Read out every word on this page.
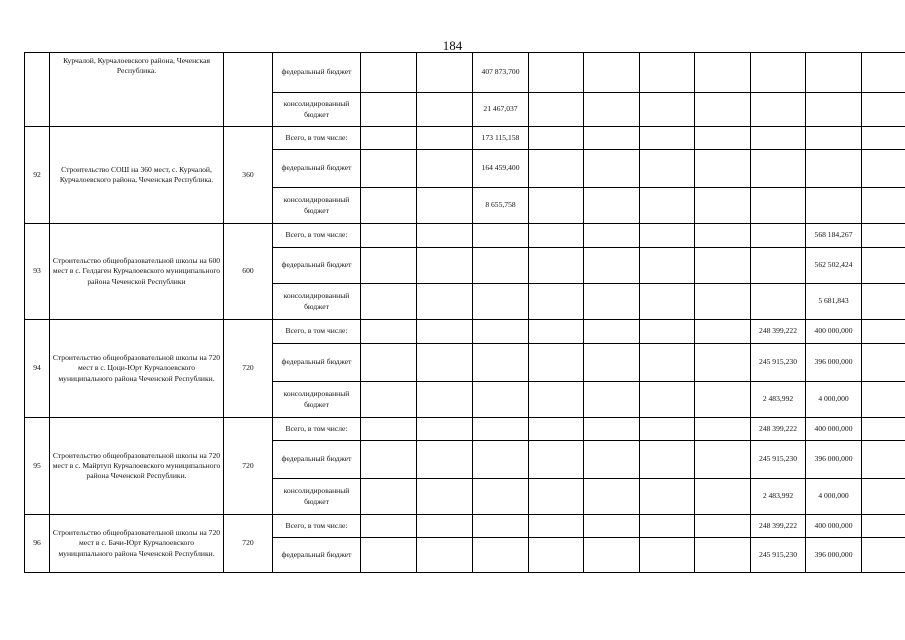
184
	Курчалой, Курчалоевского района, Чеченская Республика.		федеральный бюджет			407 873,700								
			консолидированный бюджет			21 467,037								
92	Строительство СОШ на 360 мест, с. Курчалой, Курчалоевского района, Чеченская Республика.	360	Всего, в том числе:			173 115,158								
			федеральный бюджет			164 459,400								
			консолидированный бюджет			8 655,758								
93	Строительство общеобразовательной школы на 600 мест в с. Гелдаген Курчалоевского муниципального района Чеченской Республики	600	Всего, в том числе:									568 184,267		
			федеральный бюджет									562 502,424		
			консолидированный бюджет									5 681,843		
94	Строительство общеобразовательной школы на 720 мест в с. Цоци-Юрт Курчалоевского муниципального района Чеченской Республики.	720	Всего, в том числе:								248 399,222	400 000,000		
			федеральный бюджет								245 915,230	396 000,000		
			консолидированный бюджет								2 483,992	4 000,000		
95	Строительство общеобразовательной школы на 720 мест в с. Майртуп Курчалоевского муниципального района Чеченской Республики.	720	Всего, в том числе:								248 399,222	400 000,000		
			федеральный бюджет								245 915,230	396 000,000		
			консолидированный бюджет								2 483,992	4 000,000		
96	Строительство общеобразовательной школы на 720 мест в с. Бачи-Юрт Курчалоевского муниципального района Чеченской Республики.	720	Всего, в том числе:								248 399,222	400 000,000		
			федеральный бюджет								245 915,230	396 000,000		
